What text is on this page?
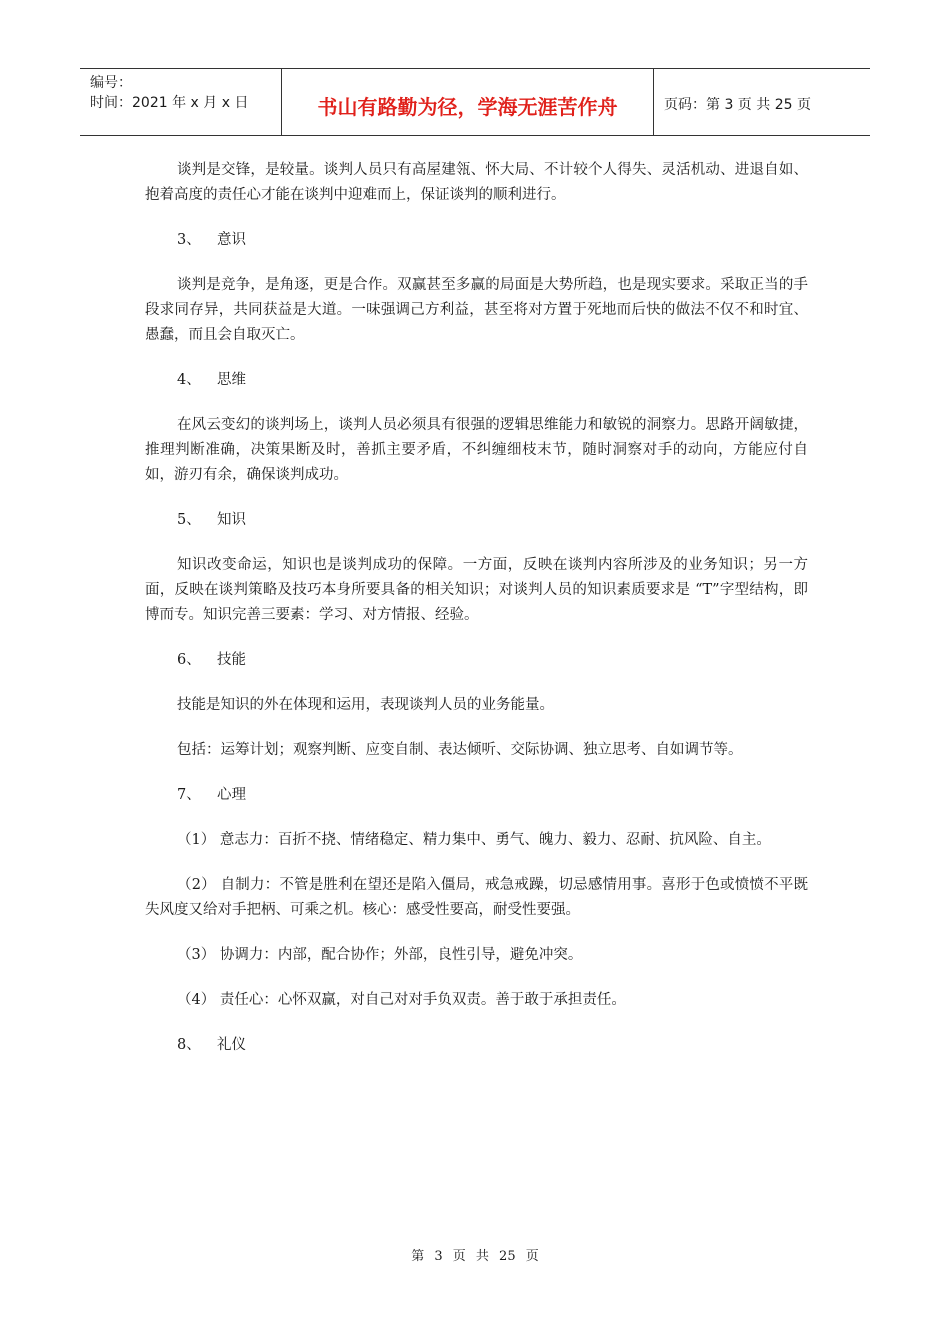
编号：
时间：2021 年 x 月 x 日	书山有路勤为径，学海无涯苦作舟	页码：第 3 页 共 25 页

谈判是交锋，是较量。谈判人员只有高屋建瓴、怀大局、不计较个人得失、灵活机动、进退自如、抱着高度的责任心才能在谈判中迎难而上，保证谈判的顺利进行。

3、 意识

谈判是竞争，是角逐，更是合作。双赢甚至多赢的局面是大势所趋，也是现实要求。采取正当的手段求同存异，共同获益是大道。一味强调己方利益，甚至将对方置于死地而后快的做法不仅不和时宜、愚蠢，而且会自取灭亡。

4、 思维

在风云变幻的谈判场上，谈判人员必须具有很强的逻辑思维能力和敏锐的洞察力。思路开阔敏捷，推理判断准确，决策果断及时，善抓主要矛盾，不纠缠细枝末节，随时洞察对手的动向，方能应付自如，游刃有余，确保谈判成功。

5、 知识

知识改变命运，知识也是谈判成功的保障。一方面，反映在谈判内容所涉及的业务知识；另一方面，反映在谈判策略及技巧本身所要具备的相关知识；对谈判人员的知识素质要求是 “T”字型结构，即博而专。知识完善三要素：学习、对方情报、经验。

6、 技能

技能是知识的外在体现和运用，表现谈判人员的业务能量。

包括：运筹计划；观察判断、应变自制、表达倾听、交际协调、独立思考、自如调节等。

7、 心理

（1） 意志力：百折不挠、情绪稳定、精力集中、勇气、魄力、毅力、忍耐、抗风险、自主。

（2） 自制力：不管是胜利在望还是陷入僵局，戒急戒躁，切忌感情用事。喜形于色或愤愤不平既失风度又给对手把柄、可乘之机。核心：感受性要高，耐受性要强。

（3） 协调力：内部，配合协作；外部，良性引导，避免冲突。

（4） 责任心：心怀双赢，对自己对对手负双责。善于敢于承担责任。

8、 礼仪
第 3 页 共 25 页
